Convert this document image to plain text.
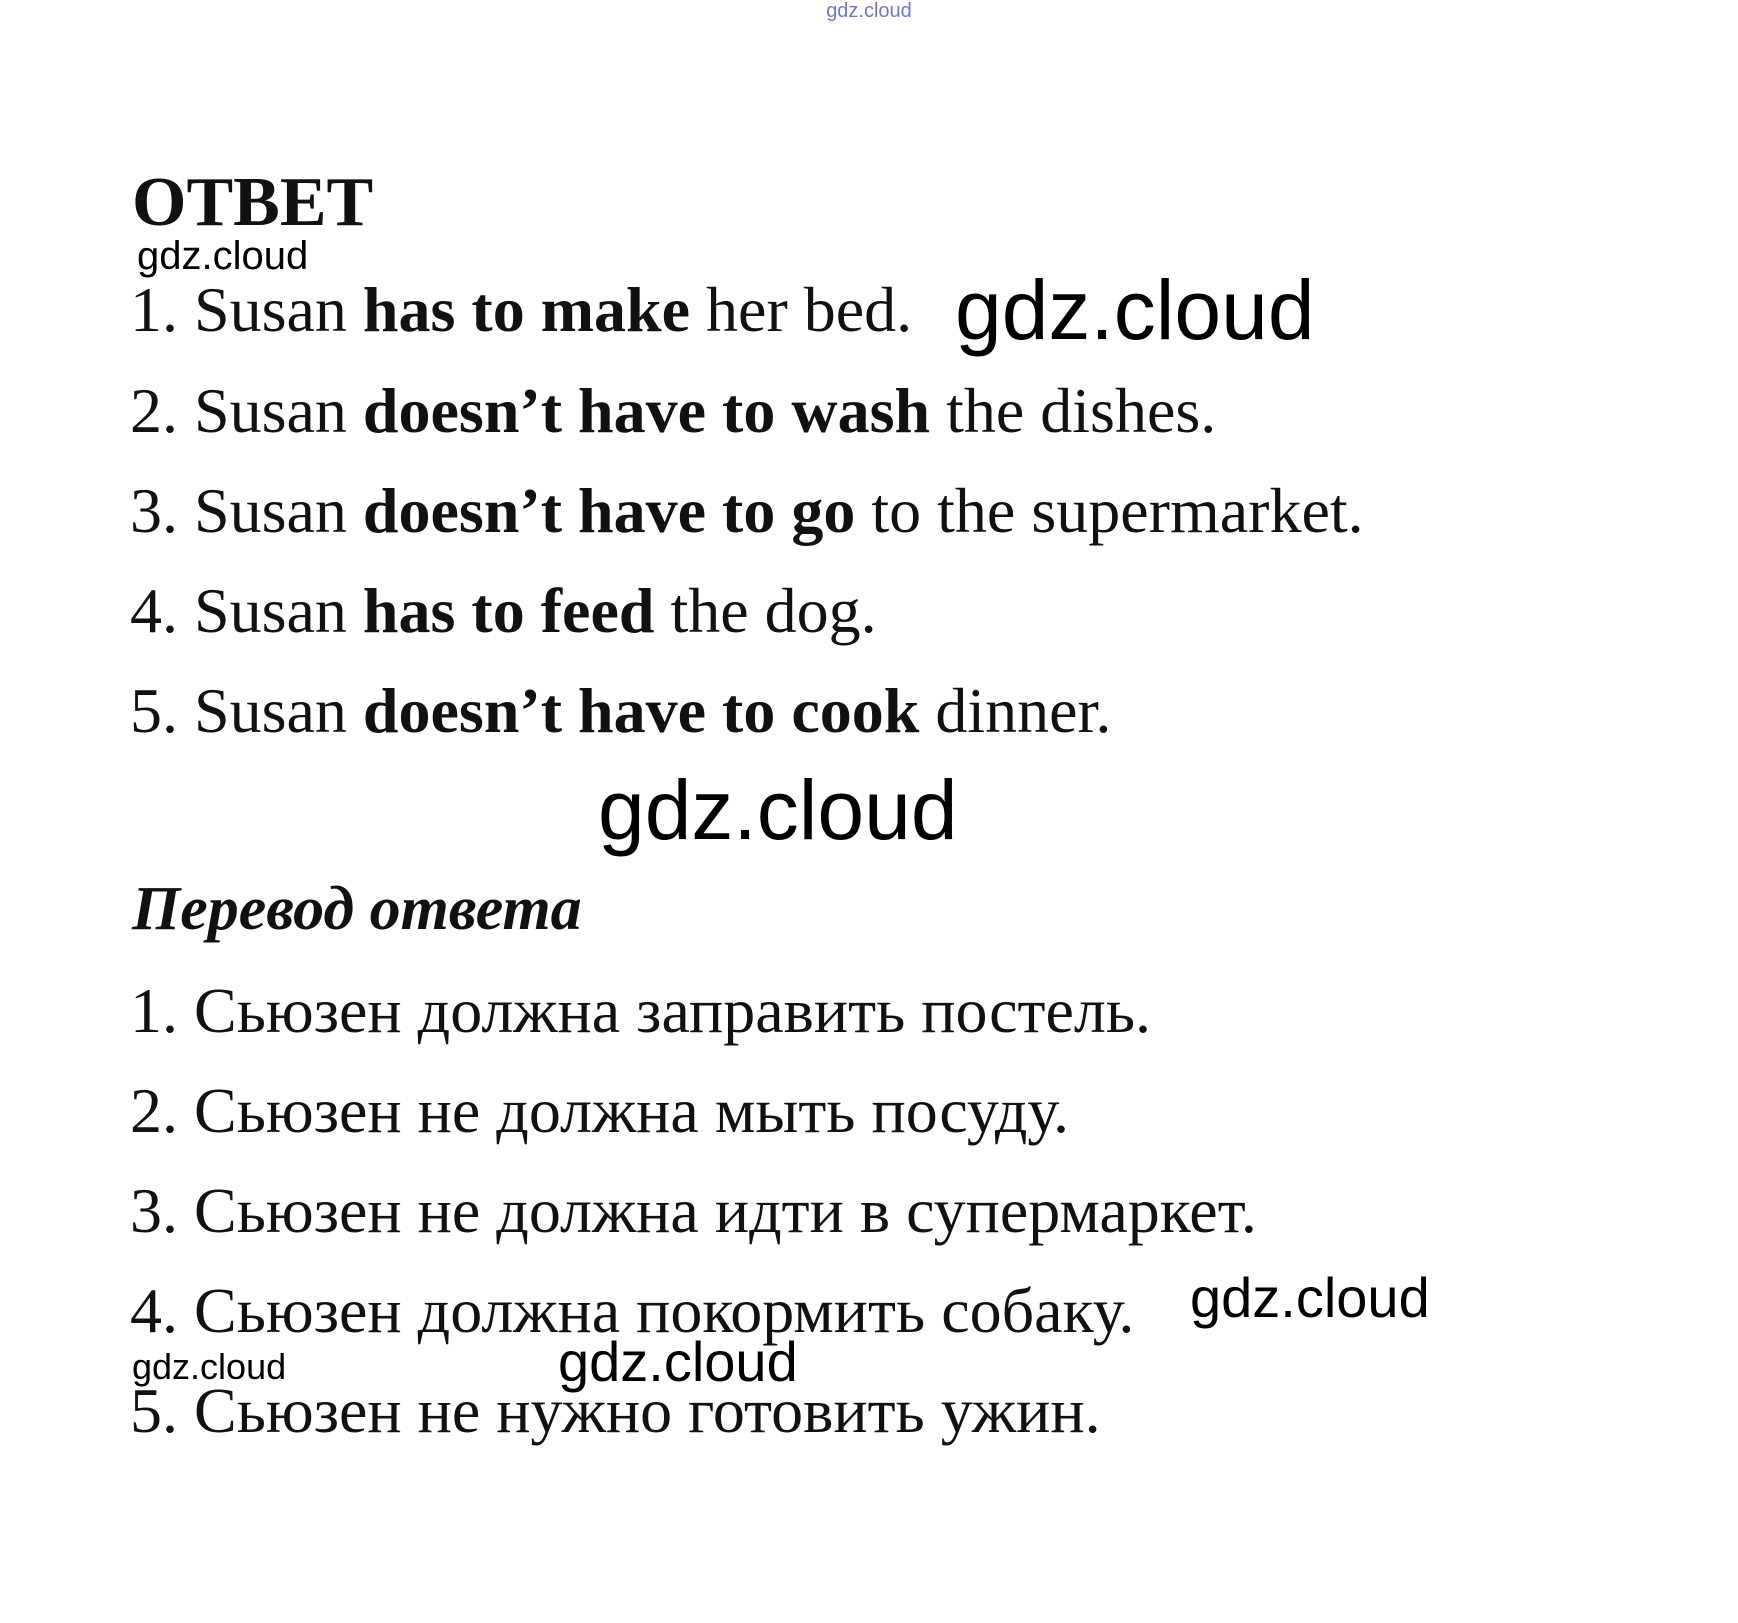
gdz.cloud
ОТВЕТ
gdz.cloud
1. Susan has to make her bed. gdz.cloud
2. Susan doesn’t have to wash the dishes.
3. Susan doesn’t have to go to the supermarket.
4. Susan has to feed the dog.
5. Susan doesn’t have to cook dinner.
gdz.cloud
Перевод ответа
1. Сьюзен должна заправить постель.
2. Сьюзен не должна мыть посуду.
3. Сьюзен не должна идти в супермаркет.
4. Сьюзен должна покормить собаку. gdz.cloud
gdz.cloud	gdz.cloud
5. Сьюзен не нужно готовить ужин.
